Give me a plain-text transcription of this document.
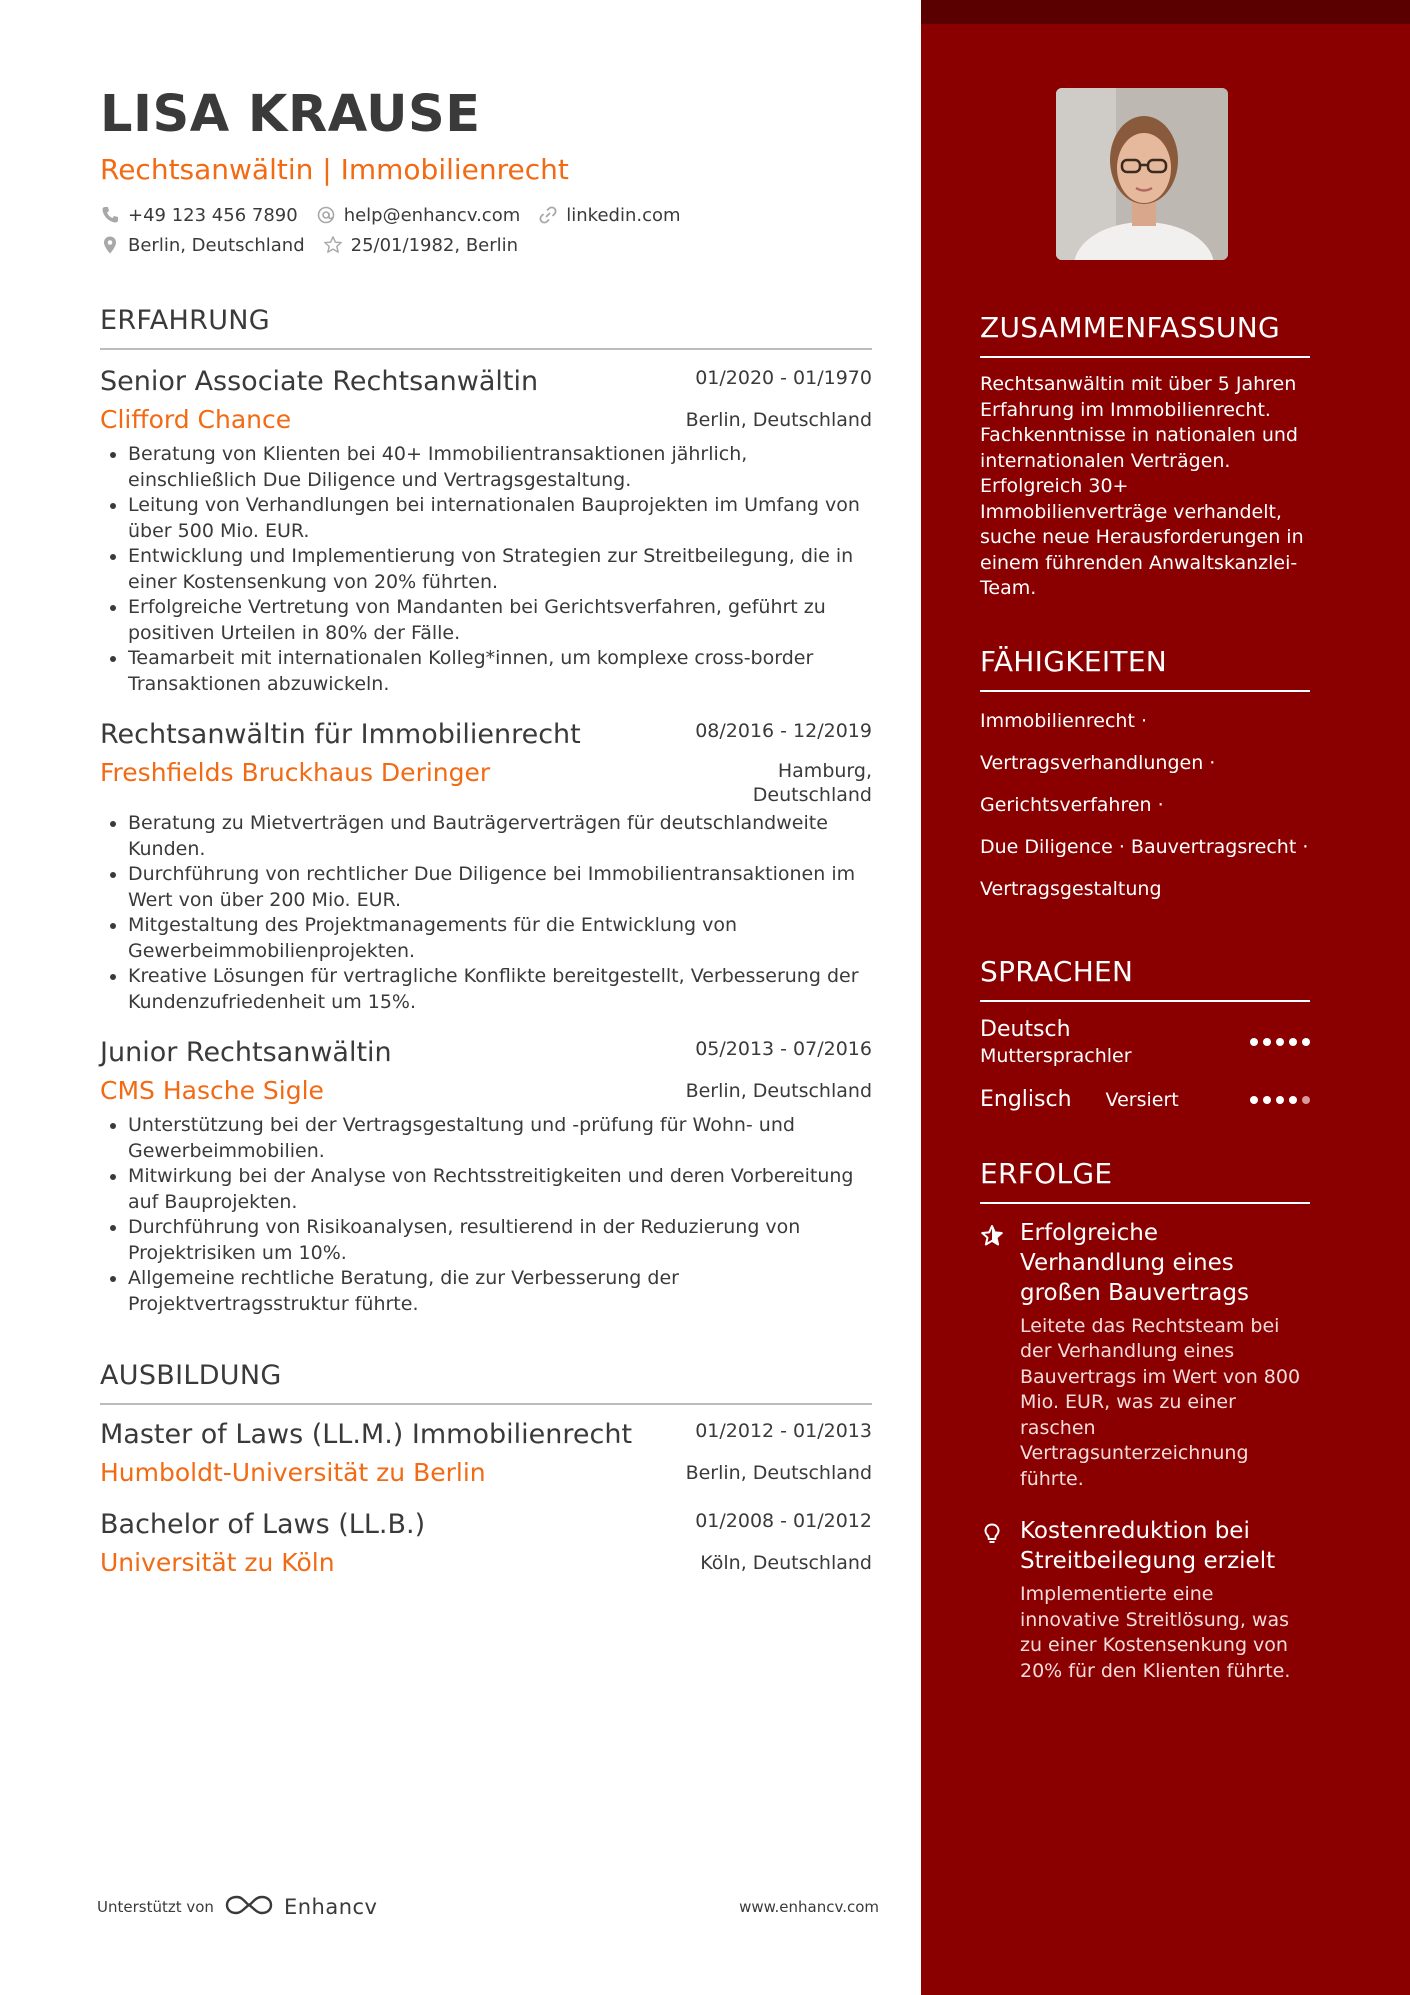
LISA KRAUSE
Rechtsanwältin | Immobilienrecht
+49 123 456 7890	help@enhancv.com	linkedin.com
Berlin, Deutschland	25/01/1982, Berlin
ERFAHRUNG
Senior Associate Rechtsanwältin	01/2020 - 01/1970
Clifford Chance	Berlin, Deutschland
• Beratung von Klienten bei 40+ Immobilientransaktionen jährlich, einschließlich Due Diligence und Vertragsgestaltung.
• Leitung von Verhandlungen bei internationalen Bauprojekten im Umfang von über 500 Mio. EUR.
• Entwicklung und Implementierung von Strategien zur Streitbeilegung, die in einer Kostensenkung von 20% führten.
• Erfolgreiche Vertretung von Mandanten bei Gerichtsverfahren, geführt zu positiven Urteilen in 80% der Fälle.
• Teamarbeit mit internationalen Kolleg*innen, um komplexe cross-border Transaktionen abzuwickeln.
Rechtsanwältin für Immobilienrecht	08/2016 - 12/2019
Freshfields Bruckhaus Deringer	Hamburg,
Deutschland
• Beratung zu Mietverträgen und Bauträgerverträgen für deutschlandweite Kunden.
• Durchführung von rechtlicher Due Diligence bei Immobilientransaktionen im Wert von über 200 Mio. EUR.
• Mitgestaltung des Projektmanagements für die Entwicklung von Gewerbeimmobilienprojekten.
• Kreative Lösungen für vertragliche Konflikte bereitgestellt, Verbesserung der Kundenzufriedenheit um 15%.
Junior Rechtsanwältin	05/2013 - 07/2016
CMS Hasche Sigle	Berlin, Deutschland
• Unterstützung bei der Vertragsgestaltung und -prüfung für Wohn- und Gewerbeimmobilien.
• Mitwirkung bei der Analyse von Rechtsstreitigkeiten und deren Vorbereitung auf Bauprojekten.
• Durchführung von Risikoanalysen, resultierend in der Reduzierung von Projektrisiken um 10%.
• Allgemeine rechtliche Beratung, die zur Verbesserung der Projektvertragsstruktur führte.
AUSBILDUNG
Master of Laws (LL.M.) Immobilienrecht	01/2012 - 01/2013
Humboldt-Universität zu Berlin	Berlin, Deutschland
Bachelor of Laws (LL.B.)	01/2008 - 01/2012
Universität zu Köln	Köln, Deutschland
ZUSAMMENFASSUNG
Rechtsanwältin mit über 5 Jahren Erfahrung im Immobilienrecht. Fachkenntnisse in nationalen und internationalen Verträgen. Erfolgreich 30+ Immobilienverträge verhandelt, suche neue Herausforderungen in einem führenden Anwaltskanzlei-Team.
FÄHIGKEITEN
Immobilienrecht ·
Vertragsverhandlungen ·
Gerichtsverfahren ·
Due Diligence · Bauvertragsrecht ·
Vertragsgestaltung
SPRACHEN
Deutsch
Muttersprachler
Englisch Versiert
ERFOLGE
Erfolgreiche Verhandlung eines großen Bauvertrags
Leitete das Rechtsteam bei der Verhandlung eines Bauvertrags im Wert von 800 Mio. EUR, was zu einer raschen Vertragsunterzeichnung führte.
Kostenreduktion bei Streitbeilegung erzielt
Implementierte eine innovative Streitlösung, was zu einer Kostensenkung von 20% für den Klienten führte.
Unterstützt von	Enhancv	www.enhancv.com
